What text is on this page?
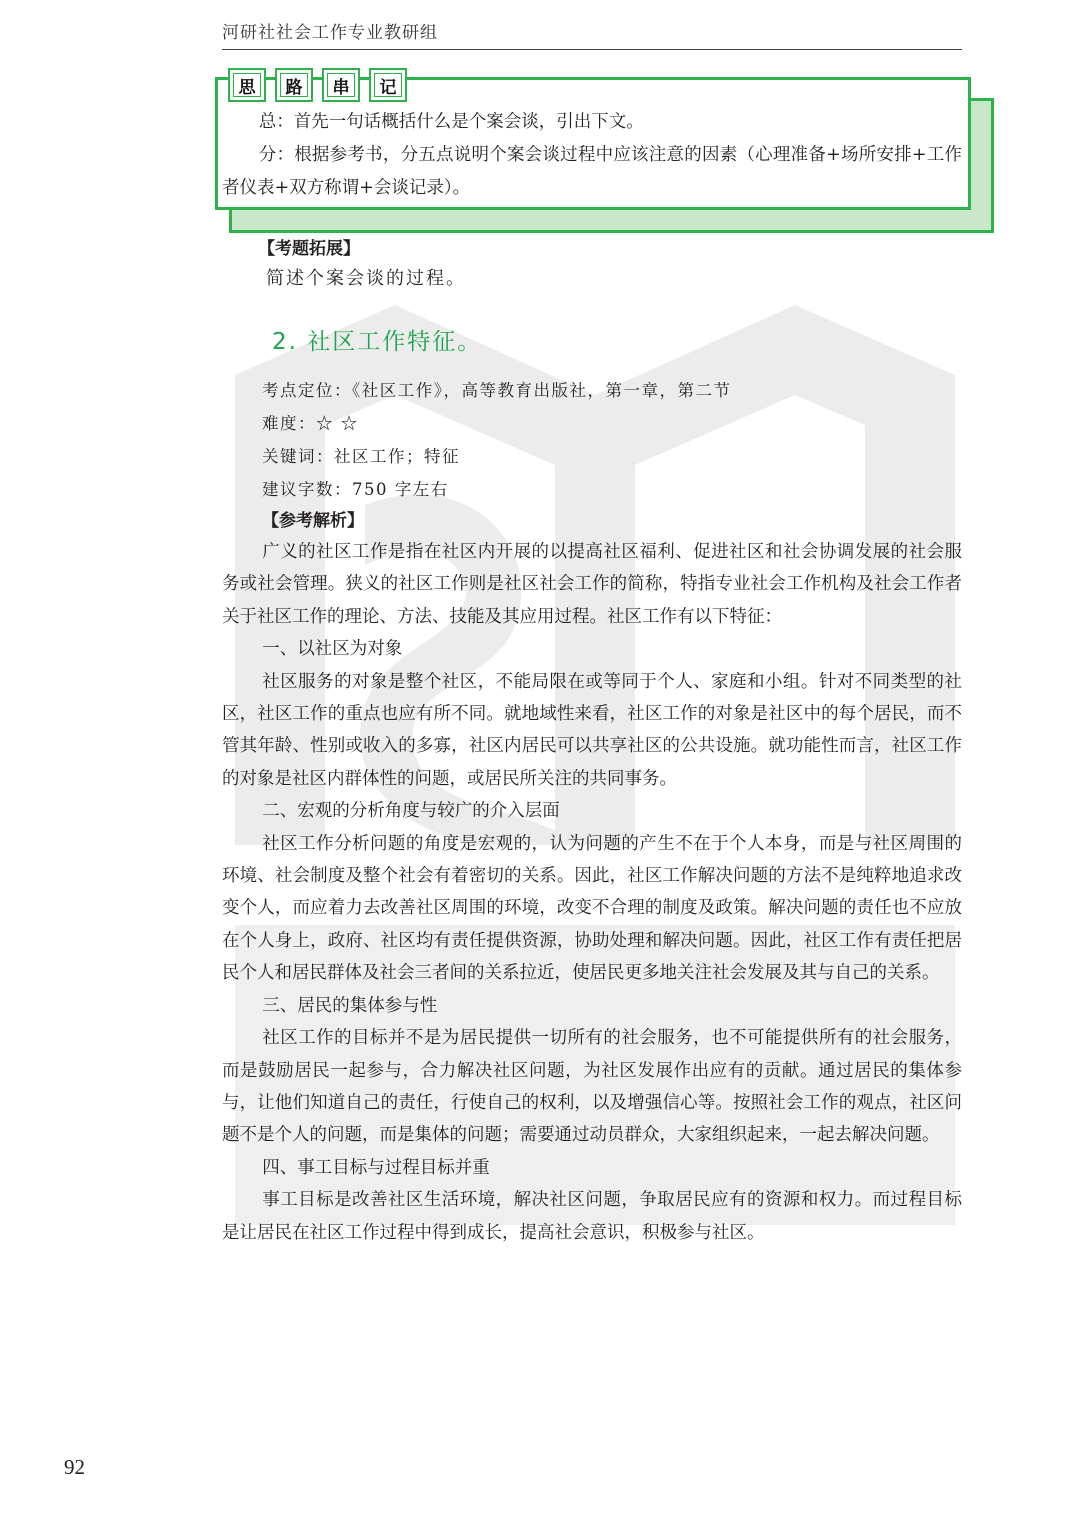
河研社社会工作专业教研组
思	路	串	记

总：首先一句话概括什么是个案会谈，引出下文。

分：根据参考书，分五点说明个案会谈过程中应该注意的因素（心理准备+场所安排+工作者仪表+双方称谓+会谈记录）。

【考题拓展】
简述个案会谈的过程。
2. 社区工作特征。
考点定位：《社区工作》，高等教育出版社，第一章，第二节
难度：☆ ☆
关键词：社区工作；特征
建议字数：750 字左右
【参考解析】

广义的社区工作是指在社区内开展的以提高社区福利、促进社区和社会协调发展的社会服务或社会管理。狭义的社区工作则是社区社会工作的简称，特指专业社会工作机构及社会工作者关于社区工作的理论、方法、技能及其应用过程。社区工作有以下特征：

一、以社区为对象

社区服务的对象是整个社区，不能局限在或等同于个人、家庭和小组。针对不同类型的社区，社区工作的重点也应有所不同。就地域性来看，社区工作的对象是社区中的每个居民，而不管其年龄、性别或收入的多寡，社区内居民可以共享社区的公共设施。就功能性而言，社区工作的对象是社区内群体性的问题，或居民所关注的共同事务。

二、宏观的分析角度与较广的介入层面

社区工作分析问题的角度是宏观的，认为问题的产生不在于个人本身，而是与社区周围的环境、社会制度及整个社会有着密切的关系。因此，社区工作解决问题的方法不是纯粹地追求改变个人，而应着力去改善社区周围的环境，改变不合理的制度及政策。解决问题的责任也不应放在个人身上，政府、社区均有责任提供资源，协助处理和解决问题。因此，社区工作有责任把居民个人和居民群体及社会三者间的关系拉近，使居民更多地关注社会发展及其与自己的关系。

三、居民的集体参与性

社区工作的目标并不是为居民提供一切所有的社会服务，也不可能提供所有的社会服务，而是鼓励居民一起参与，合力解决社区问题，为社区发展作出应有的贡献。通过居民的集体参与，让他们知道自己的责任，行使自己的权利，以及增强信心等。按照社会工作的观点，社区问题不是个人的问题，而是集体的问题；需要通过动员群众，大家组织起来，一起去解决问题。

四、事工目标与过程目标并重

事工目标是改善社区生活环境，解决社区问题，争取居民应有的资源和权力。而过程目标是让居民在社区工作过程中得到成长，提高社会意识，积极参与社区。

92
